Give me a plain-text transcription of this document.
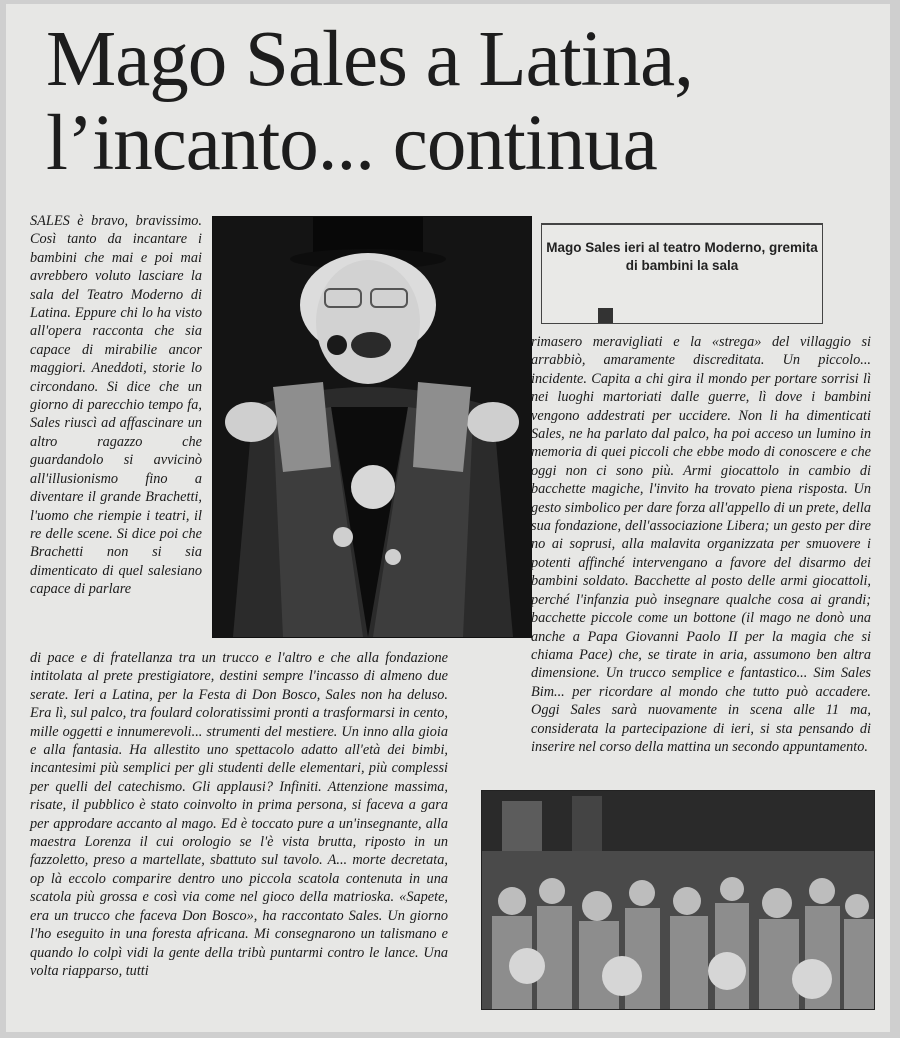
Mago Sales a Latina,
l’incanto... continua
SALES è bravo, bravissimo. Così tanto da incantare i bambini che mai e poi mai avrebbero voluto lasciare la sala del Teatro Moderno di Latina. Eppure chi lo ha visto all'opera racconta che sia capace di mirabilie ancor maggiori. Aneddoti, storie lo circondano. Si dice che un giorno di parecchio tempo fa, Sales riuscì ad affascinare un altro ragazzo che guardandolo si avvicinò all'illusionismo fino a diventare il grande Brachetti, l'uomo che riempie i teatri, il re delle scene. Si dice poi che Brachetti non si sia dimenticato di quel salesiano capace di parlare
Mago Sales ieri al teatro Moderno, gremita di bambini la sala
rimasero meravigliati e la «strega» del villaggio si arrabbiò, amaramente discreditata. Un piccolo... incidente. Capita a chi gira il mondo per portare sorrisi lì nei luoghi martoriati dalle guerre, lì dove i bambini vengono addestrati per uccidere. Non li ha dimenticati Sales, ne ha parlato dal palco, ha poi acceso un lumino in memoria di quei piccoli che ebbe modo di conoscere e che oggi non ci sono più. Armi giocattolo in cambio di bacchette magiche, l'invito ha trovato piena risposta. Un gesto simbolico per dare forza all'appello di un prete, della sua fondazione, dell'associazione Libera; un gesto per dire no ai soprusi, alla malavita organizzata per smuovere i potenti affinché intervengano a favore del disarmo dei bambini soldato. Bacchette al posto delle armi giocattoli, perché l'infanzia può insegnare qualche cosa ai grandi; bacchette piccole come un bottone (il mago ne donò una anche a Papa Giovanni Paolo II per la magia che si chiama Pace) che, se tirate in aria, assumono ben altra dimensione. Un trucco semplice e fantastico... Sim Sales Bim... per ricordare al mondo che tutto può accadere. Oggi Sales sarà nuovamente in scena alle 11 ma, considerata la partecipazione di ieri, si sta pensando di inserire nel corso della mattina un secondo appuntamento.
di pace e di fratellanza tra un trucco e l'altro e che alla fondazione intitolata al prete prestigiatore, destini sempre l'incasso di almeno due serate. Ieri a Latina, per la Festa di Don Bosco, Sales non ha deluso. Era lì, sul palco, tra foulard coloratissimi pronti a trasformarsi in cento, mille oggetti e innumerevoli... strumenti del mestiere. Un inno alla gioia e alla fantasia. Ha allestito uno spettacolo adatto all'età dei bimbi, incantesimi più semplici per gli studenti delle elementari, più complessi per quelli del catechismo. Gli applausi? Infiniti. Attenzione massima, risate, il pubblico è stato coinvolto in prima persona, si faceva a gara per approdare accanto al mago. Ed è toccato pure a un'insegnante, alla maestra Lorenza il cui orologio se l'è vista brutta, riposto in un fazzoletto, preso a martellate, sbattuto sul tavolo. A... morte decretata, op là eccolo comparire dentro uno piccola scatola contenuta in una scatola più grossa e così via come nel gioco della matrioska. «Sapete, era un trucco che faceva Don Bosco», ha raccontato Sales. Un giorno l'ho eseguito in una foresta africana. Mi consegnarono un talismano e quando lo colpì vidi la gente della tribù puntarmi contro le lance. Una volta riapparso, tutti
